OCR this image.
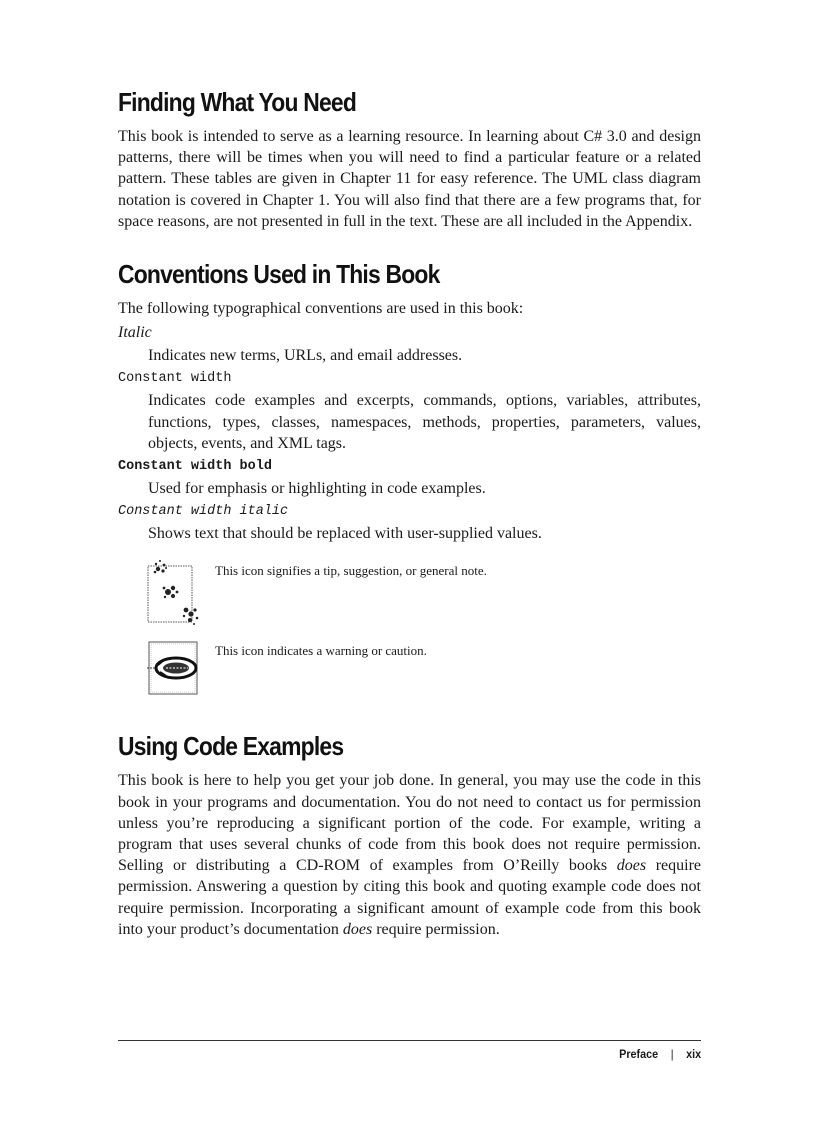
Finding What You Need

This book is intended to serve as a learning resource. In learning about C# 3.0 and design patterns, there will be times when you will need to find a particular feature or a related pattern. These tables are given in Chapter 11 for easy reference. The UML class diagram notation is covered in Chapter 1. You will also find that there are a few programs that, for space reasons, are not presented in full in the text. These are all included in the Appendix.

Conventions Used in This Book

The following typographical conventions are used in this book:

Italic
Indicates new terms, URLs, and email addresses.
Constant width
Indicates code examples and excerpts, commands, options, variables, attributes, functions, types, classes, namespaces, methods, properties, parameters, values, objects, events, and XML tags.
Constant width bold
Used for emphasis or highlighting in code examples.
Constant width italic
Shows text that should be replaced with user-supplied values.
This icon signifies a tip, suggestion, or general note.
This icon indicates a warning or caution.
Using Code Examples

This book is here to help you get your job done. In general, you may use the code in this book in your programs and documentation. You do not need to contact us for permission unless you’re reproducing a significant portion of the code. For example, writing a program that uses several chunks of code from this book does not require permission. Selling or distributing a CD-ROM of examples from O’Reilly books does require permission. Answering a question by citing this book and quoting example code does not require permission. Incorporating a significant amount of example code from this book into your product’s documentation does require permission.

Preface | xix
